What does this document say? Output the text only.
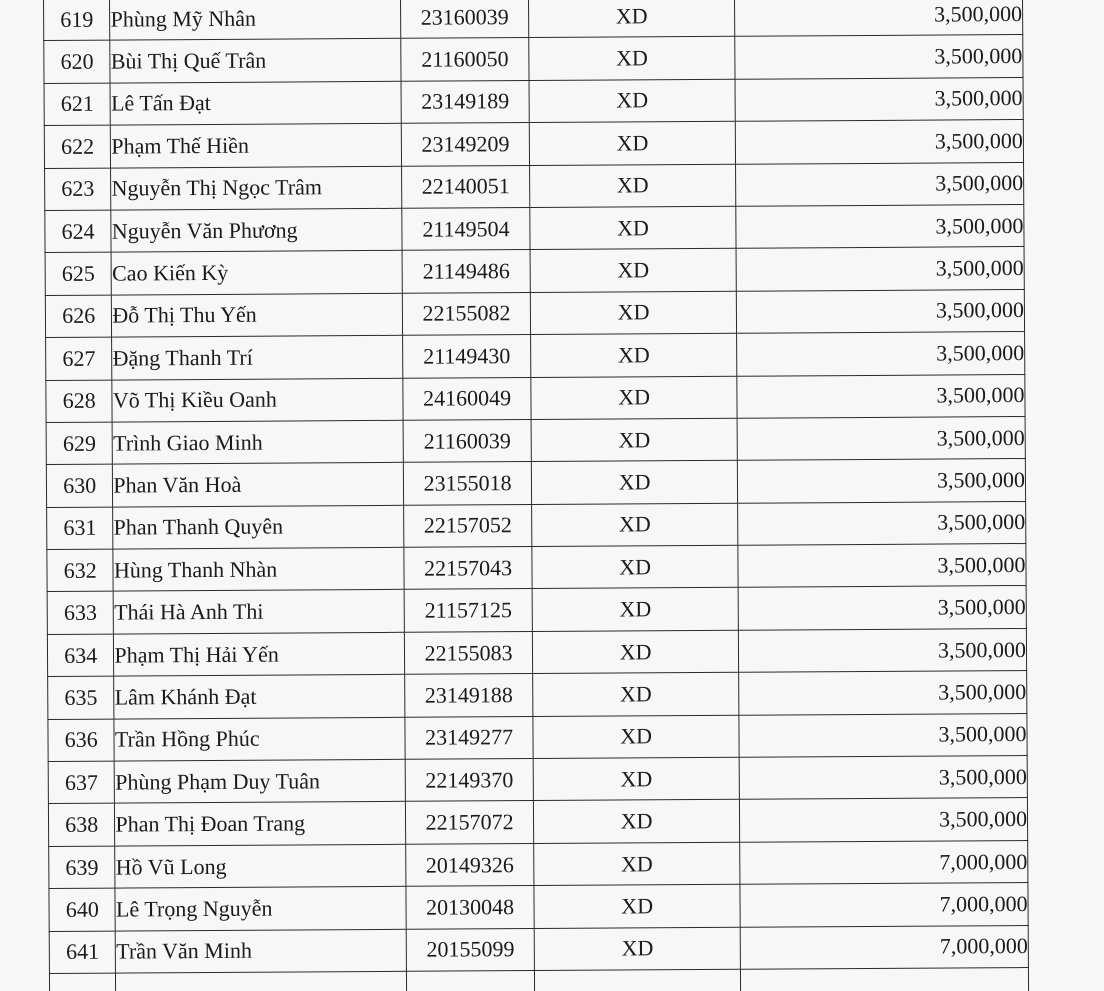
619	Phùng Mỹ Nhân	23160039	XD	3,500,000
620	Bùi Thị Quế Trân	21160050	XD	3,500,000
621	Lê Tấn Đạt	23149189	XD	3,500,000
622	Phạm Thế Hiền	23149209	XD	3,500,000
623	Nguyễn Thị Ngọc Trâm	22140051	XD	3,500,000
624	Nguyễn Văn Phương	21149504	XD	3,500,000
625	Cao Kiến Kỳ	21149486	XD	3,500,000
626	Đỗ Thị Thu Yến	22155082	XD	3,500,000
627	Đặng Thanh Trí	21149430	XD	3,500,000
628	Võ Thị Kiều Oanh	24160049	XD	3,500,000
629	Trình Giao Minh	21160039	XD	3,500,000
630	Phan Văn Hoà	23155018	XD	3,500,000
631	Phan Thanh Quyên	22157052	XD	3,500,000
632	Hùng Thanh Nhàn	22157043	XD	3,500,000
633	Thái Hà Anh Thi	21157125	XD	3,500,000
634	Phạm Thị Hải Yến	22155083	XD	3,500,000
635	Lâm Khánh Đạt	23149188	XD	3,500,000
636	Trần Hồng Phúc	23149277	XD	3,500,000
637	Phùng Phạm Duy Tuân	22149370	XD	3,500,000
638	Phan Thị Đoan Trang	22157072	XD	3,500,000
639	Hồ Vũ Long	20149326	XD	7,000,000
640	Lê Trọng Nguyễn	20130048	XD	7,000,000
641	Trần Văn Minh	20155099	XD	7,000,000
